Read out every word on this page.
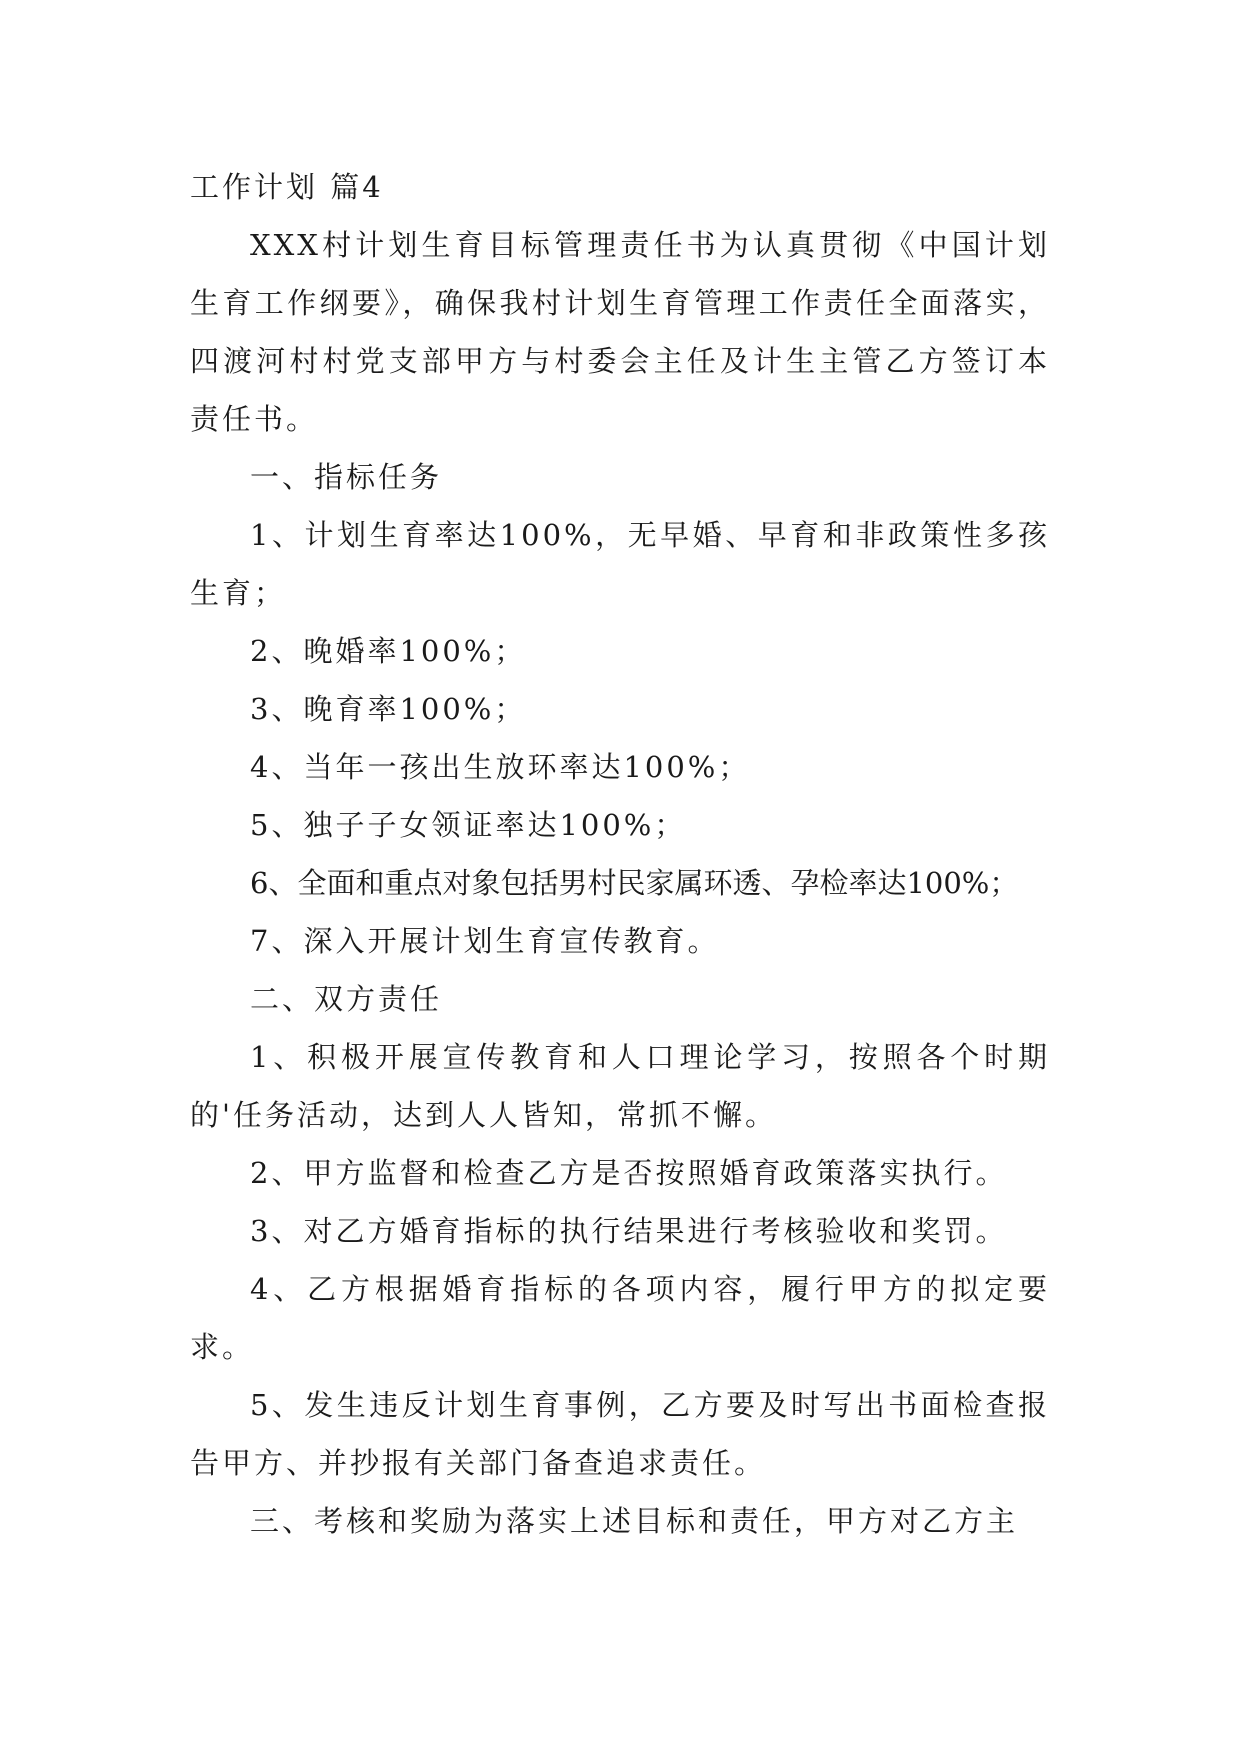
工作计划 篇4

XXX村计划生育目标管理责任书为认真贯彻《中国计划生育工作纲要》，确保我村计划生育管理工作责任全面落实，四渡河村村党支部甲方与村委会主任及计生主管乙方签订本责任书。

一、指标任务

1、计划生育率达100%，无早婚、早育和非政策性多孩生育；

2、晚婚率100%；

3、晚育率100%；

4、当年一孩出生放环率达100%；

5、独子子女领证率达100%；

6、全面和重点对象包括男村民家属环透、孕检率达100%；

7、深入开展计划生育宣传教育。

二、双方责任

1、积极开展宣传教育和人口理论学习，按照各个时期的'任务活动，达到人人皆知，常抓不懈。

2、甲方监督和检查乙方是否按照婚育政策落实执行。

3、对乙方婚育指标的执行结果进行考核验收和奖罚。

4、乙方根据婚育指标的各项内容，履行甲方的拟定要求。

5、发生违反计划生育事例，乙方要及时写出书面检查报告甲方、并抄报有关部门备查追求责任。

三、考核和奖励为落实上述目标和责任，甲方对乙方主
